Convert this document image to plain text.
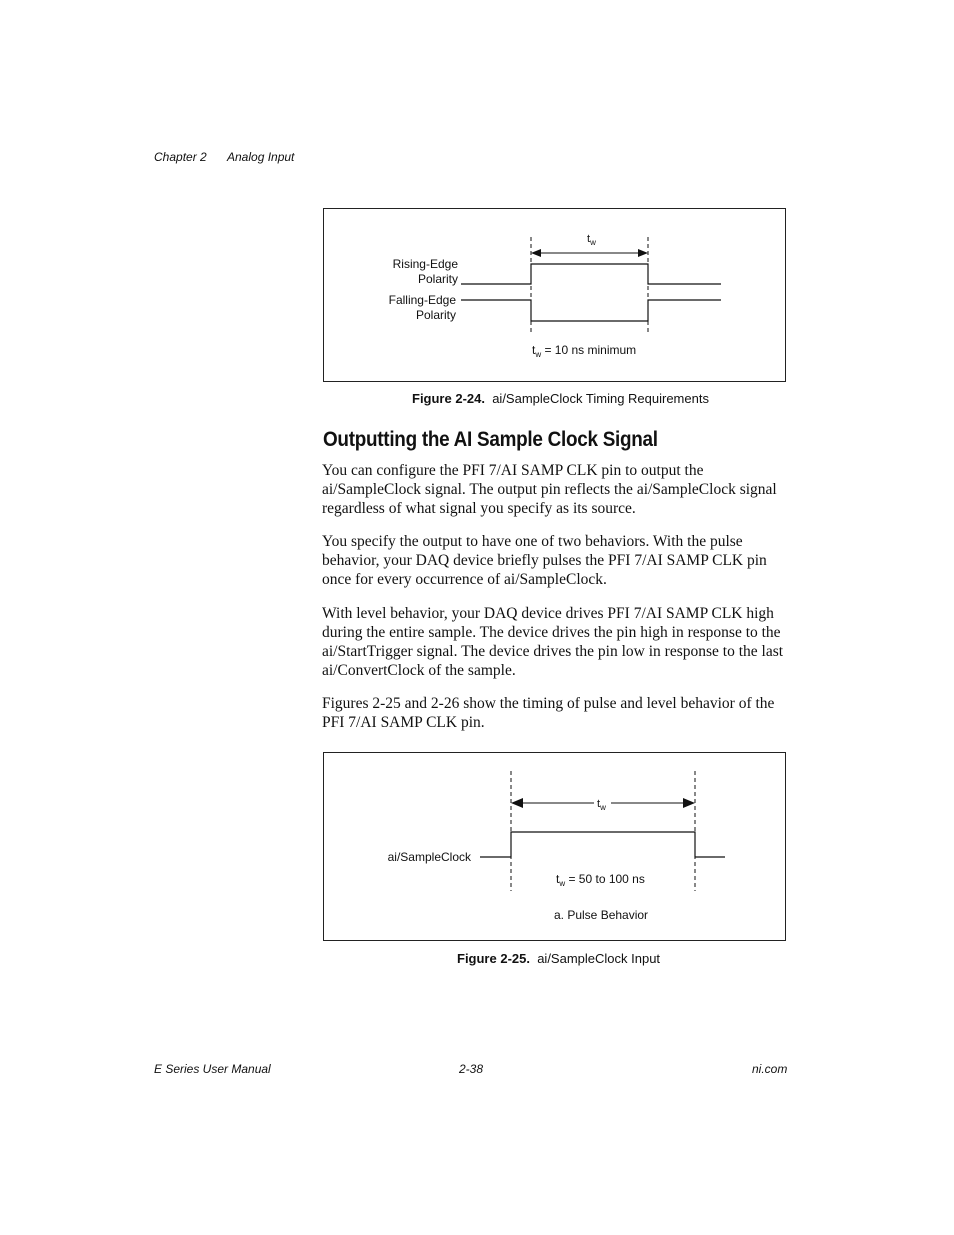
Chapter 2 Analog Input
$t_w$
Rising-Edge
Polarity
Falling-Edge
Polarity
$t_w = 10$ ns minimum
Figure 2-24. ai/SampleClock Timing Requirements
Outputting the AI Sample Clock Signal

You can configure the PFI 7/AI SAMP CLK pin to output the ai/SampleClock signal. The output pin reflects the ai/SampleClock signal regardless of what signal you specify as its source.

You specify the output to have one of two behaviors. With the pulse behavior, your DAQ device briefly pulses the PFI 7/AI SAMP CLK pin once for every occurrence of ai/SampleClock.

With level behavior, your DAQ device drives PFI 7/AI SAMP CLK high during the entire sample. The device drives the pin high in response to the ai/StartTrigger signal. The device drives the pin low in response to the last ai/ConvertClock of the sample.

Figures 2-25 and 2-26 show the timing of pulse and level behavior of the PFI 7/AI SAMP CLK pin.

$t_w$
ai/SampleClock
$t_w = 50$ to 100 ns
a. Pulse Behavior
Figure 2-25. ai/SampleClock Input
E Series User Manual	2-38	ni.com
